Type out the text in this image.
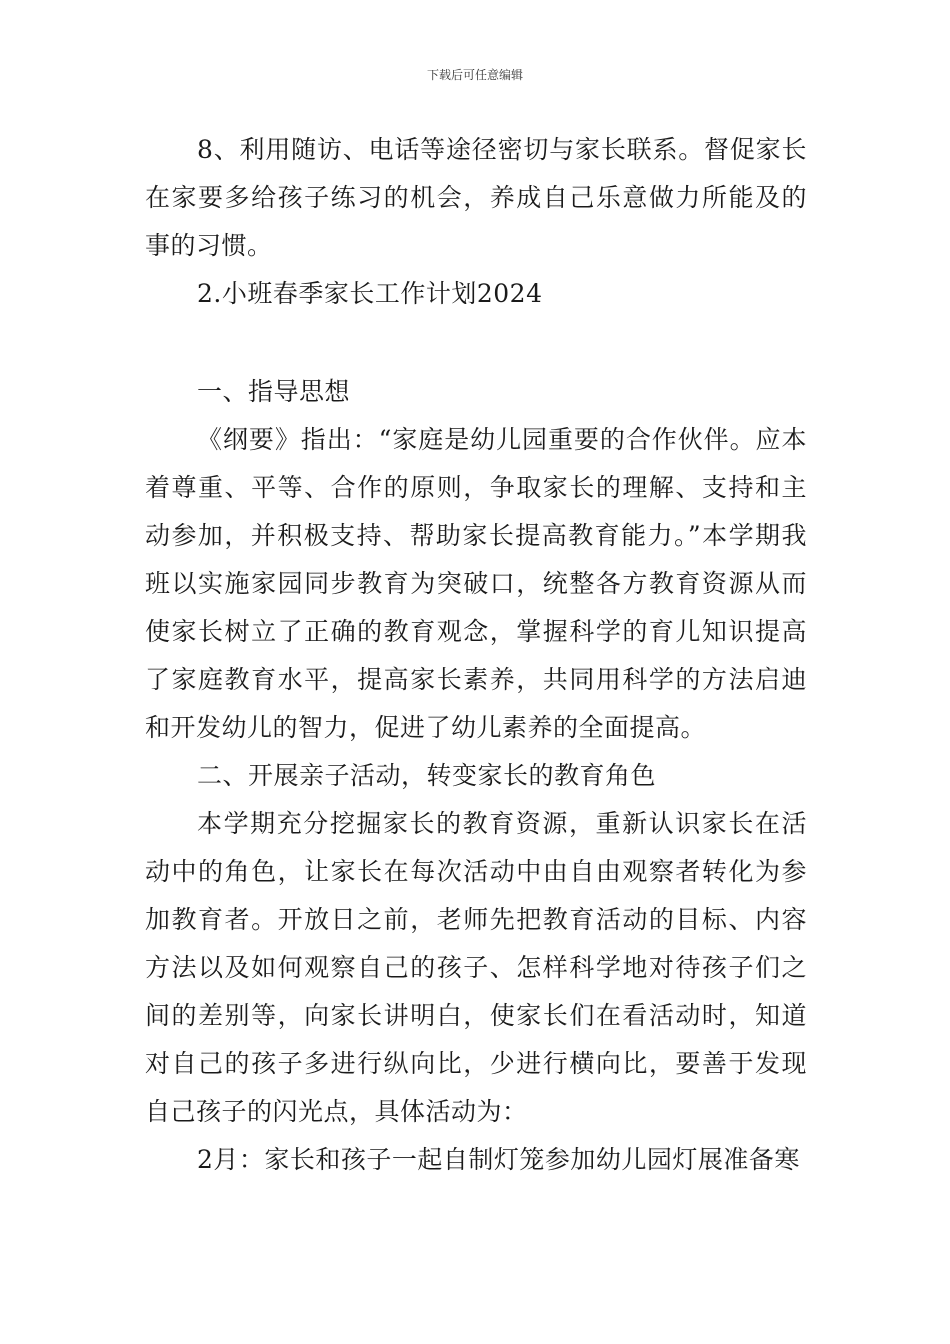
下载后可任意编辑

8、利用随访、电话等途径密切与家长联系。督促家长在家要多给孩子练习的机会，养成自己乐意做力所能及的事的习惯。

2.小班春季家长工作计划2024

一、指导思想

《纲要》指出：“家庭是幼儿园重要的合作伙伴。应本着尊重、平等、合作的原则，争取家长的理解、支持和主动参加，并积极支持、帮助家长提高教育能力。”本学期我班以实施家园同步教育为突破口，统整各方教育资源从而使家长树立了正确的教育观念，掌握科学的育儿知识提高了家庭教育水平，提高家长素养，共同用科学的方法启迪和开发幼儿的智力，促进了幼儿素养的全面提高。

二、开展亲子活动，转变家长的教育角色

本学期充分挖掘家长的教育资源，重新认识家长在活动中的角色，让家长在每次活动中由自由观察者转化为参加教育者。开放日之前，老师先把教育活动的目标、内容方法以及如何观察自己的孩子、怎样科学地对待孩子们之间的差别等，向家长讲明白，使家长们在看活动时，知道对自己的孩子多进行纵向比，少进行横向比，要善于发现自己孩子的闪光点，具体活动为：

2月：家长和孩子一起自制灯笼参加幼儿园灯展准备寒
